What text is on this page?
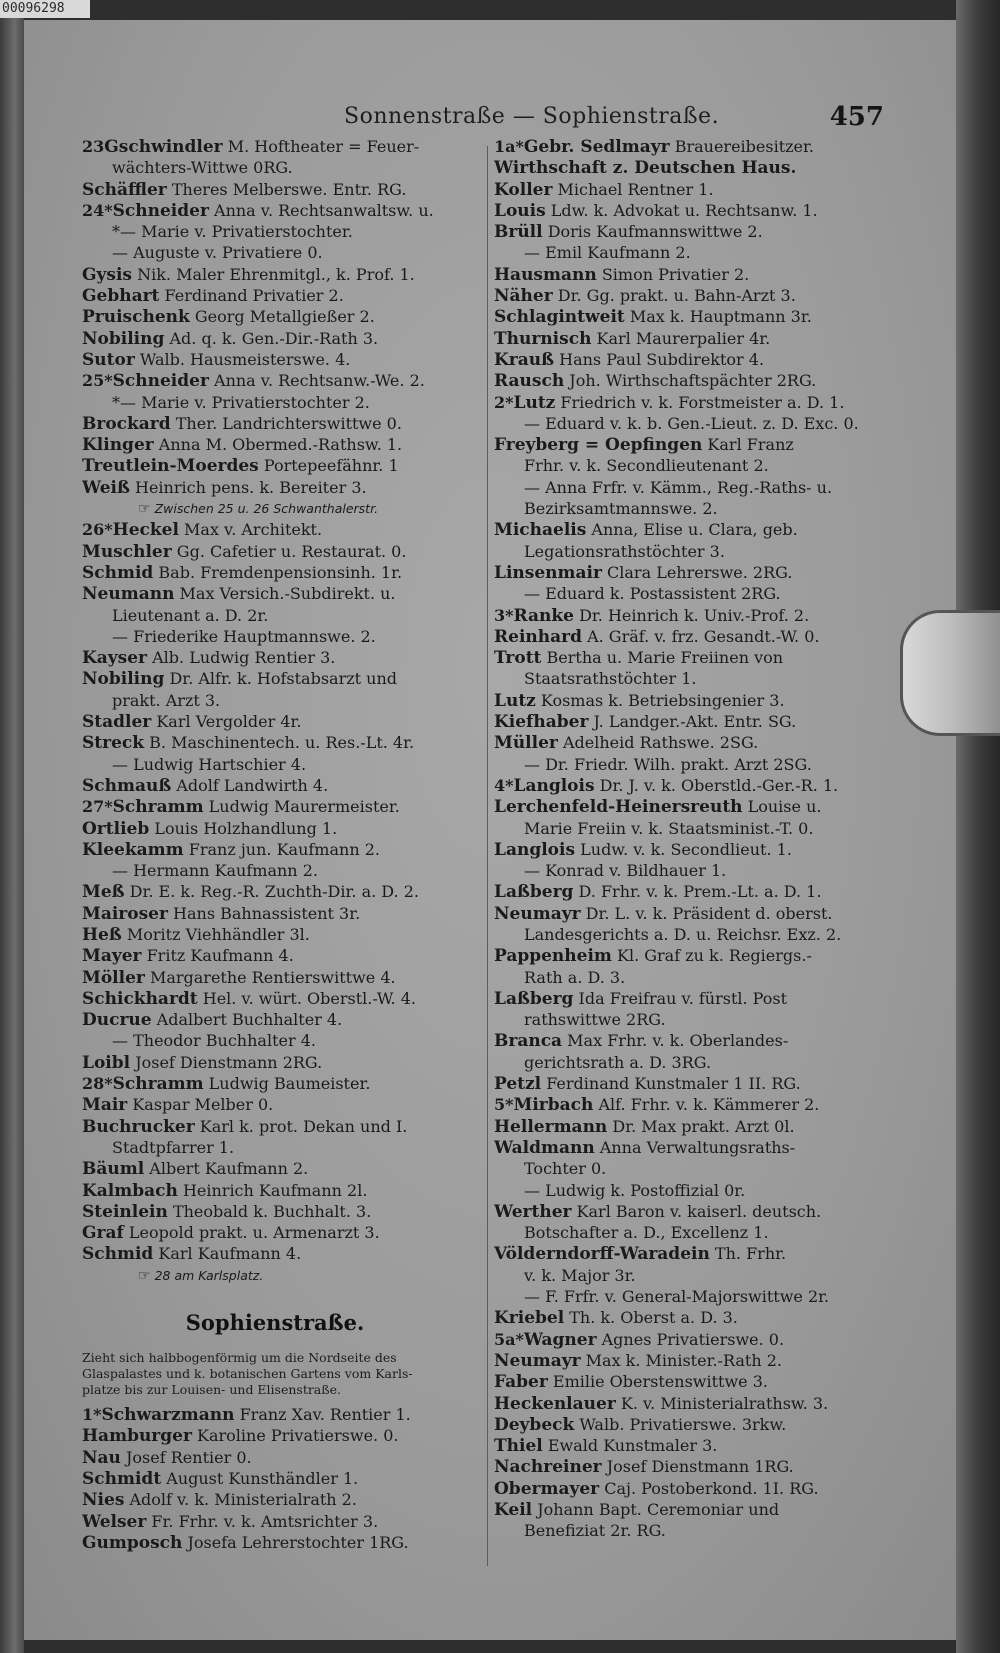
00096298
Sonnenstraße — Sophienstraße.	457
23Gschwindler M. Hoftheater = Feuer-
wächters-Wittwe 0RG.
Schäffler Theres Melberswe. Entr. RG.
24*Schneider Anna v. Rechtsanwaltsw. u.
*— Marie v. Privatierstochter.
— Auguste v. Privatiere 0.
Gysis Nik. Maler Ehrenmitgl., k. Prof. 1.
Gebhart Ferdinand Privatier 2.
Pruischenk Georg Metallgießer 2.
Nobiling Ad. q. k. Gen.-Dir.-Rath 3.
Sutor Walb. Hausmeisterswe. 4.
25*Schneider Anna v. Rechtsanw.-We. 2.
*— Marie v. Privatierstochter 2.
Brockard Ther. Landrichterswittwe 0.
Klinger Anna M. Obermed.-Rathsw. 1.
Treutlein-Moerdes Portepeefähnr. 1
Weiß Heinrich pens. k. Bereiter 3.
☞ Zwischen 25 u. 26 Schwanthalerstr.
26*Heckel Max v. Architekt.
Muschler Gg. Cafetier u. Restaurat. 0.
Schmid Bab. Fremdenpensionsinh. 1r.
Neumann Max Versich.-Subdirekt. u.
Lieutenant a. D. 2r.
— Friederike Hauptmannswe. 2.
Kayser Alb. Ludwig Rentier 3.
Nobiling Dr. Alfr. k. Hofstabsarzt und
prakt. Arzt 3.
Stadler Karl Vergolder 4r.
Streck B. Maschinentech. u. Res.-Lt. 4r.
— Ludwig Hartschier 4.
Schmauß Adolf Landwirth 4.
27*Schramm Ludwig Maurermeister.
Ortlieb Louis Holzhandlung 1.
Kleekamm Franz jun. Kaufmann 2.
— Hermann Kaufmann 2.
Meß Dr. E. k. Reg.-R. Zuchth-Dir. a. D. 2.
Mairoser Hans Bahnassistent 3r.
Heß Moritz Viehhändler 3l.
Mayer Fritz Kaufmann 4.
Möller Margarethe Rentierswittwe 4.
Schickhardt Hel. v. würt. Oberstl.-W. 4.
Ducrue Adalbert Buchhalter 4.
— Theodor Buchhalter 4.
Loibl Josef Dienstmann 2RG.
28*Schramm Ludwig Baumeister.
Mair Kaspar Melber 0.
Buchrucker Karl k. prot. Dekan und I.
Stadtpfarrer 1.
Bäuml Albert Kaufmann 2.
Kalmbach Heinrich Kaufmann 2l.
Steinlein Theobald k. Buchhalt. 3.
Graf Leopold prakt. u. Armenarzt 3.
Schmid Karl Kaufmann 4.
☞ 28 am Karlsplatz.
Sophienstraße.
Zieht sich halbbogenförmig um die Nordseite des
Glaspalastes und k. botanischen Gartens vom Karls-
platze bis zur Louisen- und Elisenstraße.
1*Schwarzmann Franz Xav. Rentier 1.
Hamburger Karoline Privatierswe. 0.
Nau Josef Rentier 0.
Schmidt August Kunsthändler 1.
Nies Adolf v. k. Ministerialrath 2.
Welser Fr. Frhr. v. k. Amtsrichter 3.
Gumposch Josefa Lehrerstochter 1RG.
1a*Gebr. Sedlmayr Brauereibesitzer.
Wirthschaft z. Deutschen Haus.
Koller Michael Rentner 1.
Louis Ldw. k. Advokat u. Rechtsanw. 1.
Brüll Doris Kaufmannswittwe 2.
— Emil Kaufmann 2.
Hausmann Simon Privatier 2.
Näher Dr. Gg. prakt. u. Bahn-Arzt 3.
Schlagintweit Max k. Hauptmann 3r.
Thurnisch Karl Maurerpalier 4r.
Krauß Hans Paul Subdirektor 4.
Rausch Joh. Wirthschaftspächter 2RG.
2*Lutz Friedrich v. k. Forstmeister a. D. 1.
— Eduard v. k. b. Gen.-Lieut. z. D. Exc. 0.
Freyberg = Oepfingen Karl Franz
Frhr. v. k. Secondlieutenant 2.
— Anna Frfr. v. Kämm., Reg.-Raths- u.
Bezirksamtmannswe. 2.
Michaelis Anna, Elise u. Clara, geb.
Legationsrathstöchter 3.
Linsenmair Clara Lehrerswe. 2RG.
— Eduard k. Postassistent 2RG.
3*Ranke Dr. Heinrich k. Univ.-Prof. 2.
Reinhard A. Gräf. v. frz. Gesandt.-W. 0.
Trott Bertha u. Marie Freiinen von
Staatsrathstöchter 1.
Lutz Kosmas k. Betriebsingenier 3.
Kiefhaber J. Landger.-Akt. Entr. SG.
Müller Adelheid Rathswe. 2SG.
— Dr. Friedr. Wilh. prakt. Arzt 2SG.
4*Langlois Dr. J. v. k. Oberstld.-Ger.-R. 1.
Lerchenfeld-Heinersreuth Louise u.
Marie Freiin v. k. Staatsminist.-T. 0.
Langlois Ludw. v. k. Secondlieut. 1.
— Konrad v. Bildhauer 1.
Laßberg D. Frhr. v. k. Prem.-Lt. a. D. 1.
Neumayr Dr. L. v. k. Präsident d. oberst.
Landesgerichts a. D. u. Reichsr. Exz. 2.
Pappenheim Kl. Graf zu k. Regiergs.-
Rath a. D. 3.
Laßberg Ida Freifrau v. fürstl. Post
rathswittwe 2RG.
Branca Max Frhr. v. k. Oberlandes-
gerichtsrath a. D. 3RG.
Petzl Ferdinand Kunstmaler 1 II. RG.
5*Mirbach Alf. Frhr. v. k. Kämmerer 2.
Hellermann Dr. Max prakt. Arzt 0l.
Waldmann Anna Verwaltungsraths-
Tochter 0.
— Ludwig k. Postoffizial 0r.
Werther Karl Baron v. kaiserl. deutsch.
Botschafter a. D., Excellenz 1.
Völderndorff-Waradein Th. Frhr.
v. k. Major 3r.
— F. Frfr. v. General-Majorswittwe 2r.
Kriebel Th. k. Oberst a. D. 3.
5a*Wagner Agnes Privatierswe. 0.
Neumayr Max k. Minister.-Rath 2.
Faber Emilie Oberstenswittwe 3.
Heckenlauer K. v. Ministerialrathsw. 3.
Deybeck Walb. Privatierswe. 3rkw.
Thiel Ewald Kunstmaler 3.
Nachreiner Josef Dienstmann 1RG.
Obermayer Caj. Postoberkond. 1I. RG.
Keil Johann Bapt. Ceremoniar und
Benefiziat 2r. RG.
